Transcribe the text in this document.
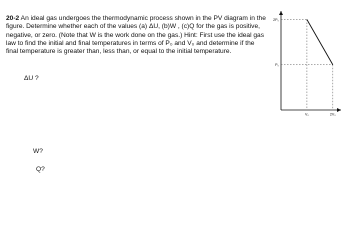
20-2 An ideal gas undergoes the thermodynamic process shown in the PV diagram in the figure. Determine whether each of the values (a) ΔU, (b)W , (c)Q for the gas is positive, negative, or zero. (Note that W is the work done on the gas.) Hint: First use the ideal gas law to find the initial and final temperatures in terms of P₀ and V₀ and determine if the final temperature is greater than, less than, or equal to the initial temperature.
ΔU ?
W?
Q?
2P₀
P₀
V₀	2V₀
